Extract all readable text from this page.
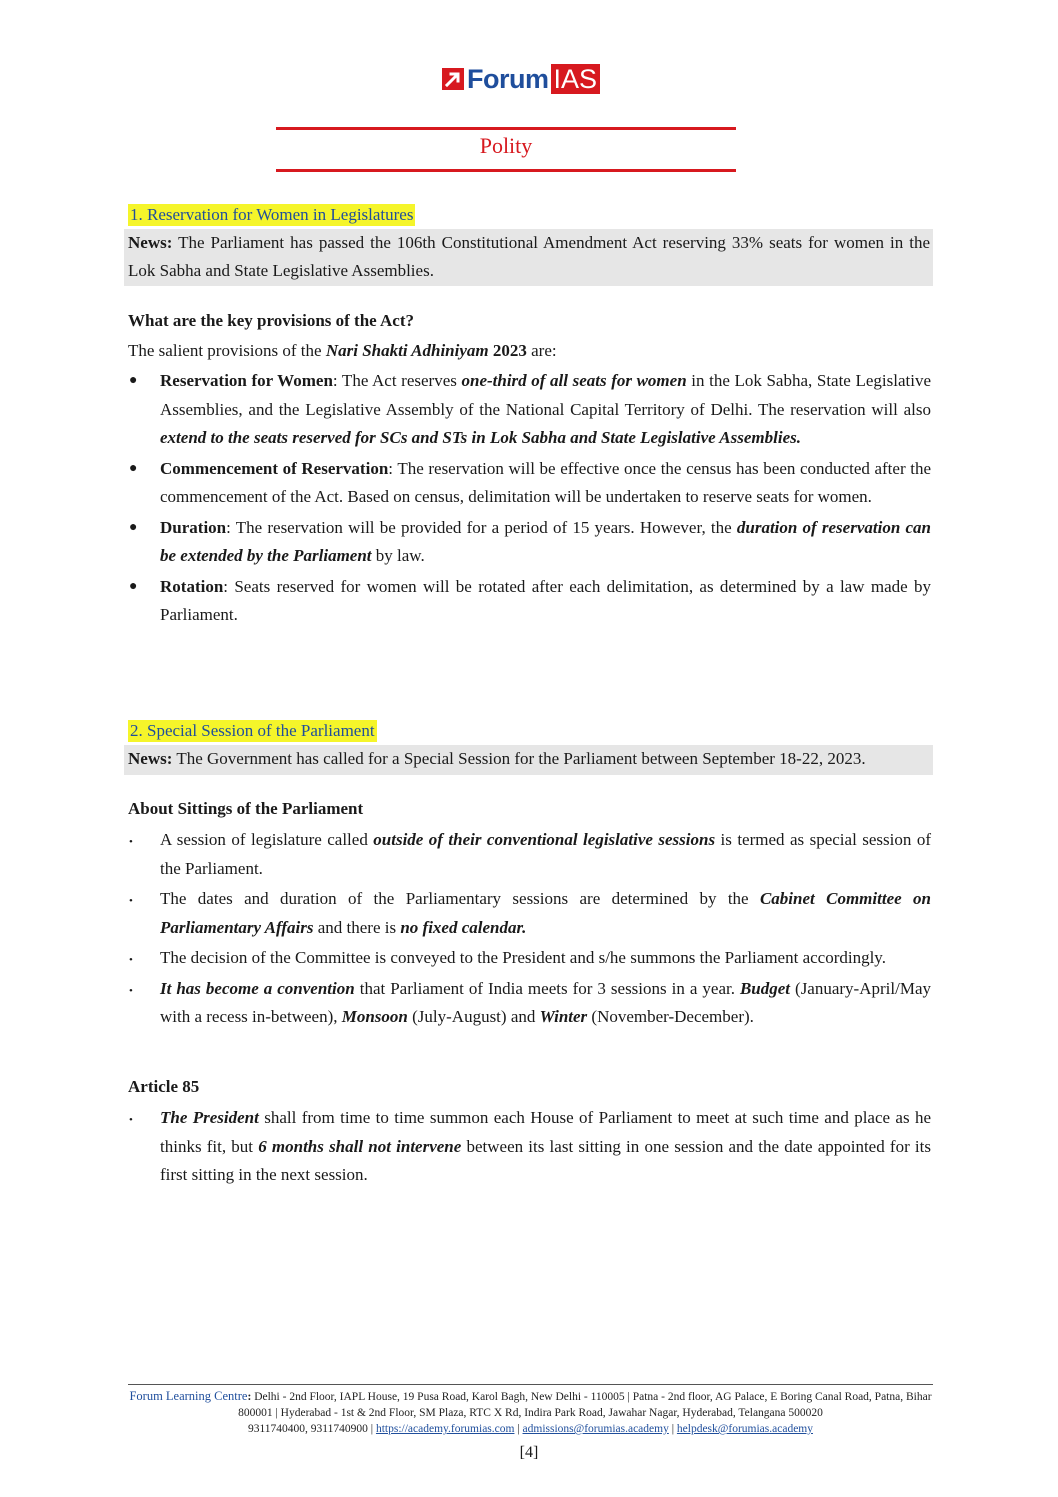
Forum IAS
Polity
1. Reservation for Women in Legislatures
News: The Parliament has passed the 106th Constitutional Amendment Act reserving 33% seats for women in the Lok Sabha and State Legislative Assemblies.
What are the key provisions of the Act?
The salient provisions of the Nari Shakti Adhiniyam 2023 are:
● Reservation for Women: The Act reserves one-third of all seats for women in the Lok Sabha, State Legislative Assemblies, and the Legislative Assembly of the National Capital Territory of Delhi. The reservation will also extend to the seats reserved for SCs and STs in Lok Sabha and State Legislative Assemblies.
● Commencement of Reservation: The reservation will be effective once the census has been conducted after the commencement of the Act. Based on census, delimitation will be undertaken to reserve seats for women.
● Duration: The reservation will be provided for a period of 15 years. However, the duration of reservation can be extended by the Parliament by law.
● Rotation: Seats reserved for women will be rotated after each delimitation, as determined by a law made by Parliament.
2. Special Session of the Parliament
News: The Government has called for a Special Session for the Parliament between September 18-22, 2023.
About Sittings of the Parliament
• A session of legislature called outside of their conventional legislative sessions is termed as special session of the Parliament.
• The dates and duration of the Parliamentary sessions are determined by the Cabinet Committee on Parliamentary Affairs and there is no fixed calendar.
• The decision of the Committee is conveyed to the President and s/he summons the Parliament accordingly.
• It has become a convention that Parliament of India meets for 3 sessions in a year. Budget (January-April/May with a recess in-between), Monsoon (July-August) and Winter (November-December).
Article 85
• The President shall from time to time summon each House of Parliament to meet at such time and place as he thinks fit, but 6 months shall not intervene between its last sitting in one session and the date appointed for its first sitting in the next session.
Forum Learning Centre: Delhi - 2nd Floor, IAPL House, 19 Pusa Road, Karol Bagh, New Delhi - 110005 | Patna - 2nd floor, AG Palace, E Boring Canal Road, Patna, Bihar 800001 | Hyderabad - 1st & 2nd Floor, SM Plaza, RTC X Rd, Indira Park Road, Jawahar Nagar, Hyderabad, Telangana 500020
9311740400, 9311740900 | https://academy.forumias.com | admissions@forumias.academy | helpdesk@forumias.academy
[4]
